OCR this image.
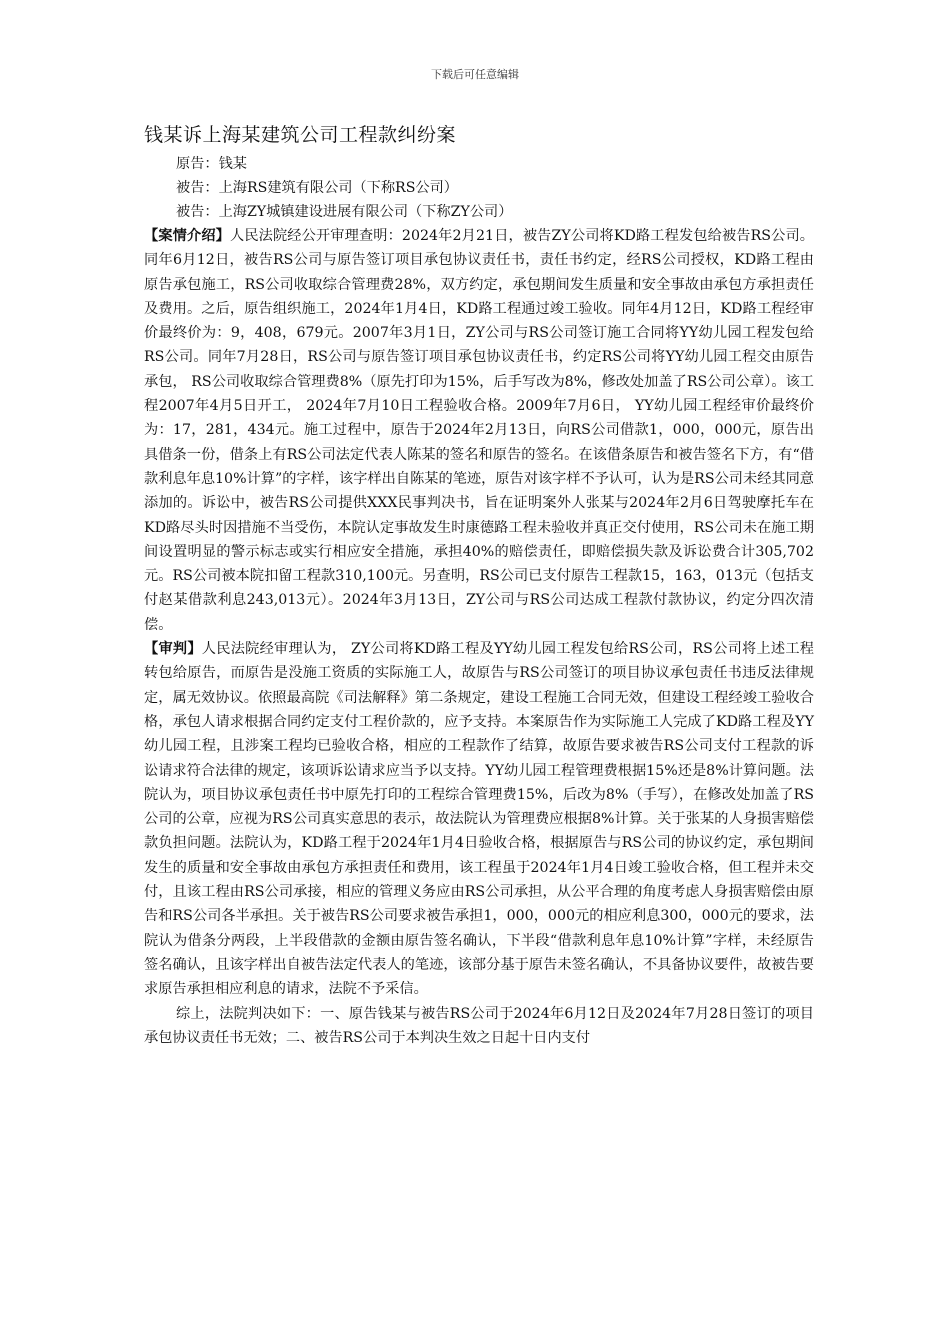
下载后可任意编辑
钱某诉上海某建筑公司工程款纠纷案

原告：钱某

被告：上海RS建筑有限公司（下称RS公司）

被告：上海ZY城镇建设进展有限公司（下称ZY公司）

【案情介绍】人民法院经公开审理查明：2024年2月21日，被告ZY公司将KD路工程发包给被告RS公司。同年6月12日，被告RS公司与原告签订项目承包协议责任书，责任书约定，经RS公司授权，KD路工程由原告承包施工，RS公司收取综合管理费28%，双方约定，承包期间发生质量和安全事故由承包方承担责任及费用。之后，原告组织施工，2024年1月4日，KD路工程通过竣工验收。同年4月12日，KD路工程经审价最终价为：9，408，679元。2007年3月1日，ZY公司与RS公司签订施工合同将YY幼儿园工程发包给RS公司。同年7月28日，RS公司与原告签订项目承包协议责任书，约定RS公司将YY幼儿园工程交由原告承包， RS公司收取综合管理费8%（原先打印为15%，后手写改为8%，修改处加盖了RS公司公章）。该工程2007年4月5日开工， 2024年7月10日工程验收合格。2009年7月6日， YY幼儿园工程经审价最终价为：17，281，434元。施工过程中，原告于2024年2月13日，向RS公司借款1，000，000元，原告出具借条一份，借条上有RS公司法定代表人陈某的签名和原告的签名。在该借条原告和被告签名下方，有“借款利息年息10%计算”的字样，该字样出自陈某的笔迹，原告对该字样不予认可，认为是RS公司未经其同意添加的。诉讼中，被告RS公司提供XXX民事判决书，旨在证明案外人张某与2024年2月6日驾驶摩托车在KD路尽头时因措施不当受伤，本院认定事故发生时康德路工程未验收并真正交付使用，RS公司未在施工期间设置明显的警示标志或实行相应安全措施，承担40%的赔偿责任，即赔偿损失款及诉讼费合计305,702元。RS公司被本院扣留工程款310,100元。另查明，RS公司已支付原告工程款15，163，013元（包括支付赵某借款利息243,013元）。2024年3月13日，ZY公司与RS公司达成工程款付款协议，约定分四次清偿。

【审判】人民法院经审理认为， ZY公司将KD路工程及YY幼儿园工程发包给RS公司，RS公司将上述工程转包给原告，而原告是没施工资质的实际施工人，故原告与RS公司签订的项目协议承包责任书违反法律规定，属无效协议。依照最高院《司法解释》第二条规定，建设工程施工合同无效，但建设工程经竣工验收合格，承包人请求根据合同约定支付工程价款的，应予支持。本案原告作为实际施工人完成了KD路工程及YY幼儿园工程，且涉案工程均已验收合格，相应的工程款作了结算，故原告要求被告RS公司支付工程款的诉讼请求符合法律的规定，该项诉讼请求应当予以支持。YY幼儿园工程管理费根据15%还是8%计算问题。法院认为，项目协议承包责任书中原先打印的工程综合管理费15%，后改为8%（手写），在修改处加盖了RS公司的公章，应视为RS公司真实意思的表示，故法院认为管理费应根据8%计算。关于张某的人身损害赔偿款负担问题。法院认为，KD路工程于2024年1月4日验收合格，根据原告与RS公司的协议约定，承包期间发生的质量和安全事故由承包方承担责任和费用，该工程虽于2024年1月4日竣工验收合格，但工程并未交付，且该工程由RS公司承接，相应的管理义务应由RS公司承担，从公平合理的角度考虑人身损害赔偿由原告和RS公司各半承担。关于被告RS公司要求被告承担1，000，000元的相应利息300，000元的要求，法院认为借条分两段，上半段借款的金额由原告签名确认，下半段“借款利息年息10%计算”字样，未经原告签名确认，且该字样出自被告法定代表人的笔迹，该部分基于原告未签名确认，不具备协议要件，故被告要求原告承担相应利息的请求，法院不予采信。

综上，法院判决如下：一、原告钱某与被告RS公司于2024年6月12日及2024年7月28日签订的项目承包协议责任书无效；二、被告RS公司于本判决生效之日起十日内支付
